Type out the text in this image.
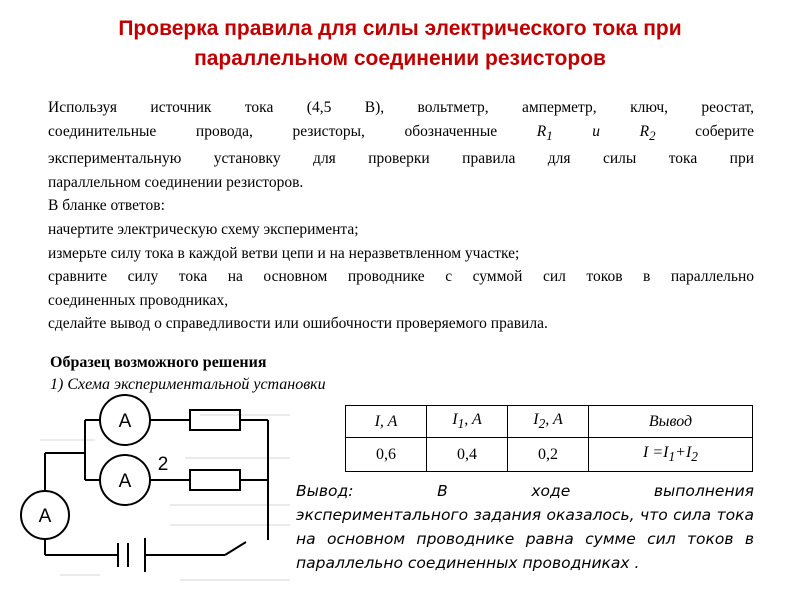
Проверка правила для силы электрического тока при
параллельном соединении резисторов
Используя источник тока (4,5 В), вольтметр, амперметр, ключ, реостат,
соединительные провода, резисторы, обозначенные	$R_1$	и	$R_2$	соберите
экспериментальную установку для проверки правила для силы тока при
параллельном соединении резисторов.
В бланке ответов:
начертите электрическую схему эксперимента;
измерьте силу тока в каждой ветви цепи и на неразветвленном участке;
сравните силу тока на основном проводнике с суммой сил токов в параллельно
соединенных проводниках,
сделайте вывод о справедливости или ошибочности проверяемого правила.
Образец возможного решения
1) Схема экспериментальной установки
A
A
A
2
I, A	$I_1$, A	$I_2$, A	Вывод
0,6	0,4	0,2	$I =I_1+I_2$
Вывод:	В	ходе	выполнения
экспериментального задания оказалось, что сила тока на основном проводнике равна сумме сил токов в параллельно соединенных проводниках .
